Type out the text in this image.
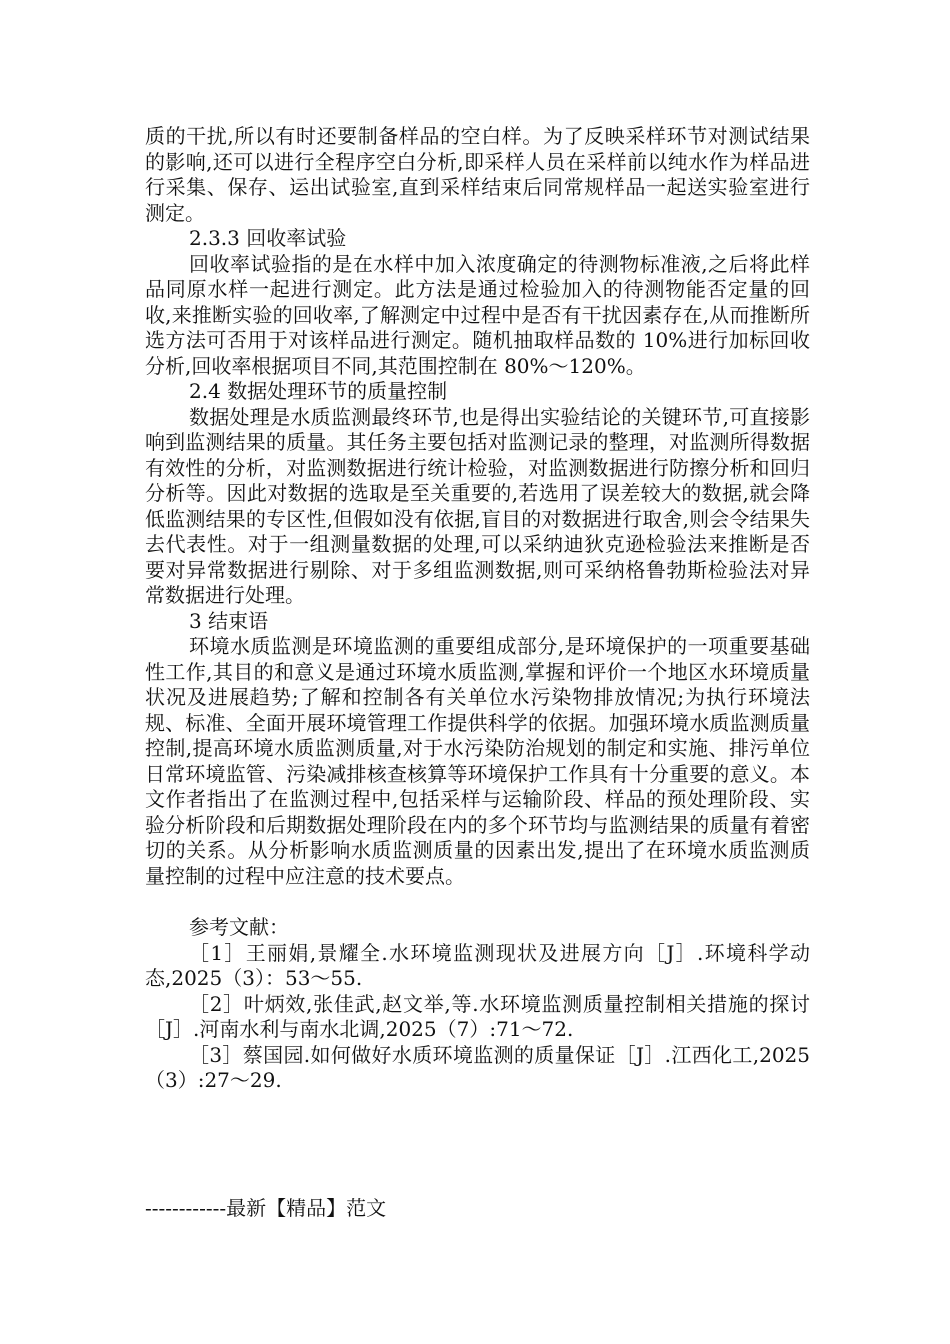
质的干扰,所以有时还要制备样品的空白样。为了反映采样环节对测试结果的影响,还可以进行全程序空白分析,即采样人员在采样前以纯水作为样品进行采集、保存、运出试验室,直到采样结束后同常规样品一起送实验室进行测定。

2.3.3 回收率试验

回收率试验指的是在水样中加入浓度确定的待测物标准液,之后将此样品同原水样一起进行测定。此方法是通过检验加入的待测物能否定量的回收,来推断实验的回收率,了解测定中过程中是否有干扰因素存在,从而推断所选方法可否用于对该样品进行测定。随机抽取样品数的 10%进行加标回收分析,回收率根据项目不同,其范围控制在 80%～120%。

2.4 数据处理环节的质量控制

数据处理是水质监测最终环节,也是得出实验结论的关键环节,可直接影响到监测结果的质量。其任务主要包括对监测记录的整理，对监测所得数据有效性的分析，对监测数据进行统计检验，对监测数据进行防擦分析和回归分析等。因此对数据的选取是至关重要的,若选用了误差较大的数据,就会降低监测结果的专区性,但假如没有依据,盲目的对数据进行取舍,则会令结果失去代表性。对于一组测量数据的处理,可以采纳迪狄克逊检验法来推断是否要对异常数据进行剔除、对于多组监测数据,则可采纳格鲁勃斯检验法对异常数据进行处理。

3 结束语

环境水质监测是环境监测的重要组成部分,是环境保护的一项重要基础性工作,其目的和意义是通过环境水质监测,掌握和评价一个地区水环境质量状况及进展趋势;了解和控制各有关单位水污染物排放情况;为执行环境法规、标准、全面开展环境管理工作提供科学的依据。加强环境水质监测质量控制,提高环境水质监测质量,对于水污染防治规划的制定和实施、排污单位日常环境监管、污染减排核查核算等环境保护工作具有十分重要的意义。本文作者指出了在监测过程中,包括采样与运输阶段、样品的预处理阶段、实验分析阶段和后期数据处理阶段在内的多个环节均与监测结果的质量有着密切的关系。从分析影响水质监测质量的因素出发,提出了在环境水质监测质量控制的过程中应注意的技术要点。

参考文献：

［1］王丽娟,景耀全.水环境监测现状及进展方向［J］.环境科学动态,2025（3）：53～55.

［2］叶炳效,张佳武,赵文举,等.水环境监测质量控制相关措施的探讨［J］.河南水利与南水北调,2025（7）:71～72.

［3］蔡国园.如何做好水质环境监测的质量保证［J］.江西化工,2025（3）:27～29.

------------最新【精品】范文
